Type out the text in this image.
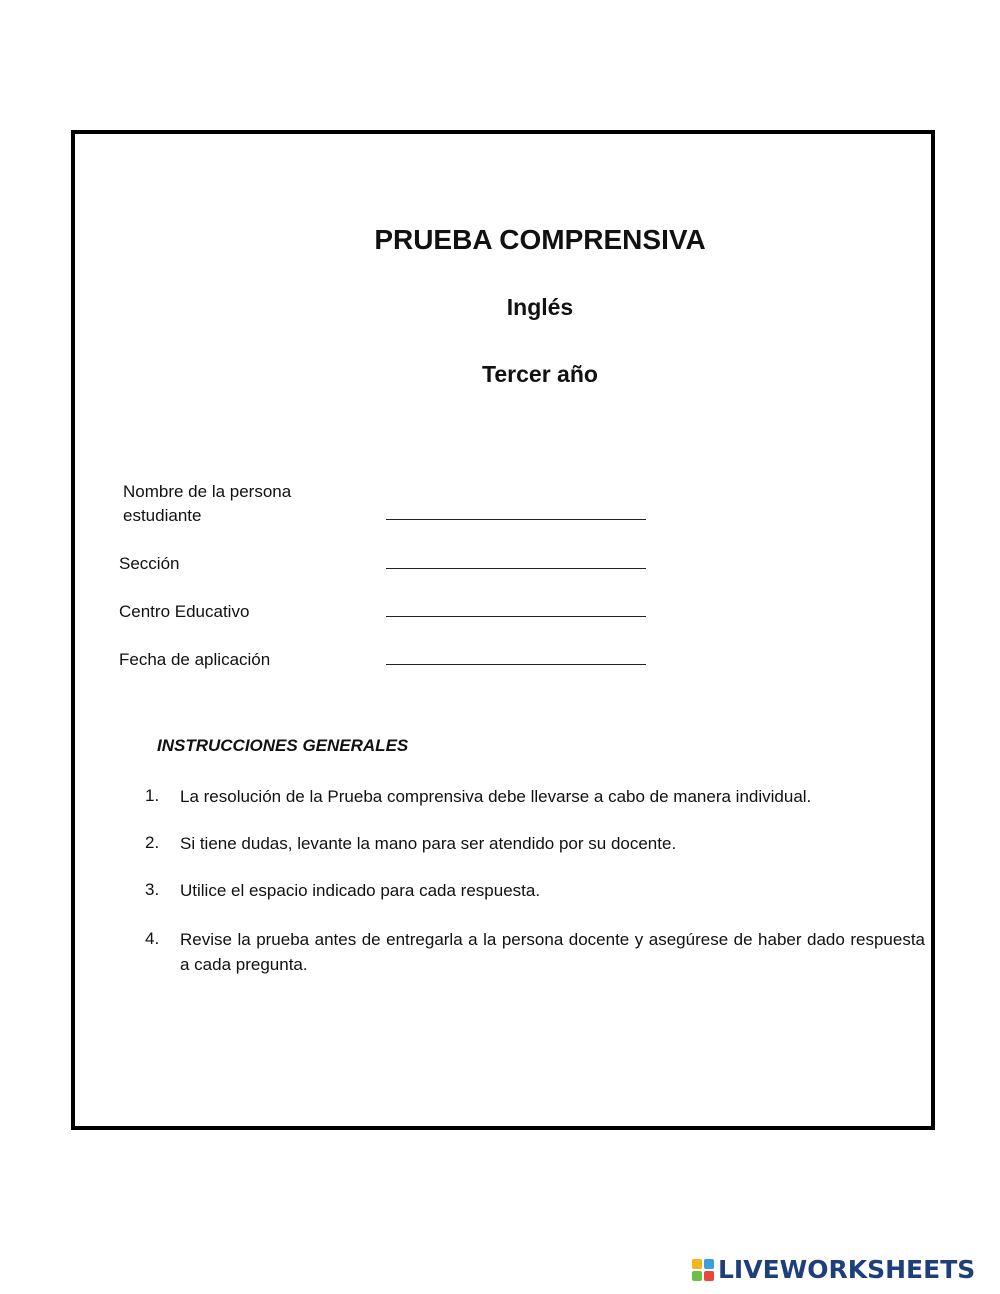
PRUEBA COMPRENSIVA
Inglés
Tercer año

Nombre de la persona
estudiante

Sección

Centro Educativo

Fecha de aplicación

INSTRUCCIONES GENERALES

1. La resolución de la Prueba comprensiva debe llevarse a cabo de manera individual.

2. Si tiene dudas, levante la mano para ser atendido por su docente.

3. Utilice el espacio indicado para cada respuesta.

4. Revise la prueba antes de entregarla a la persona docente y asegúrese de haber dado respuesta a cada pregunta.

LIVEWORKSHEETS
